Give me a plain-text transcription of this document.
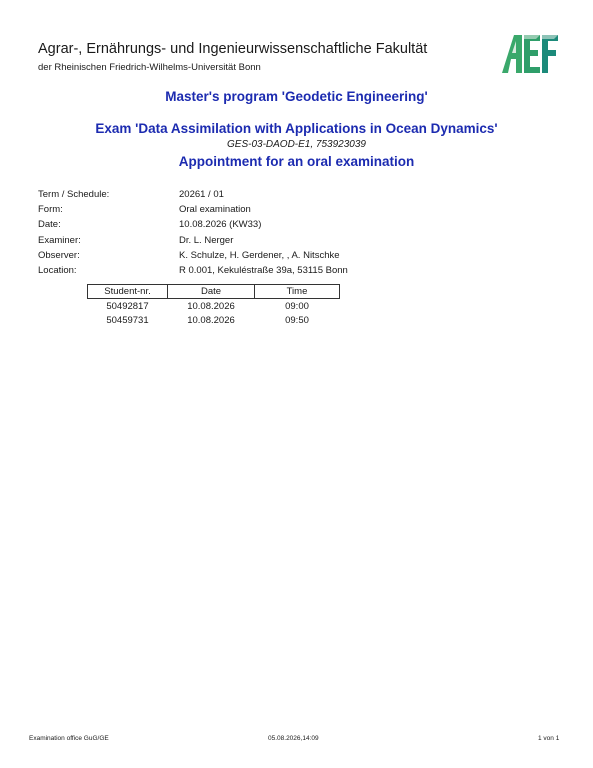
Agrar-, Ernährungs- und Ingenieurwissenschaftliche Fakultät
der Rheinischen Friedrich-Wilhelms-Universität Bonn
Master's program 'Geodetic Engineering'
Exam 'Data Assimilation with Applications in Ocean Dynamics'
GES-03-DAOD-E1, 753923039
Appointment for an oral examination
Term / Schedule:	20261 / 01
Form:	Oral examination
Date:	10.08.2026 (KW33)
Examiner:	Dr. L. Nerger
Observer:	K. Schulze, H. Gerdener, , A. Nitschke
Location:	R 0.001, Kekuléstraße 39a, 53115 Bonn
Student-nr.	Date	Time
50492817	10.08.2026	09:00
50459731	10.08.2026	09:50
Examination office GuG/GE	05.08.2026,14:09	1 von 1
